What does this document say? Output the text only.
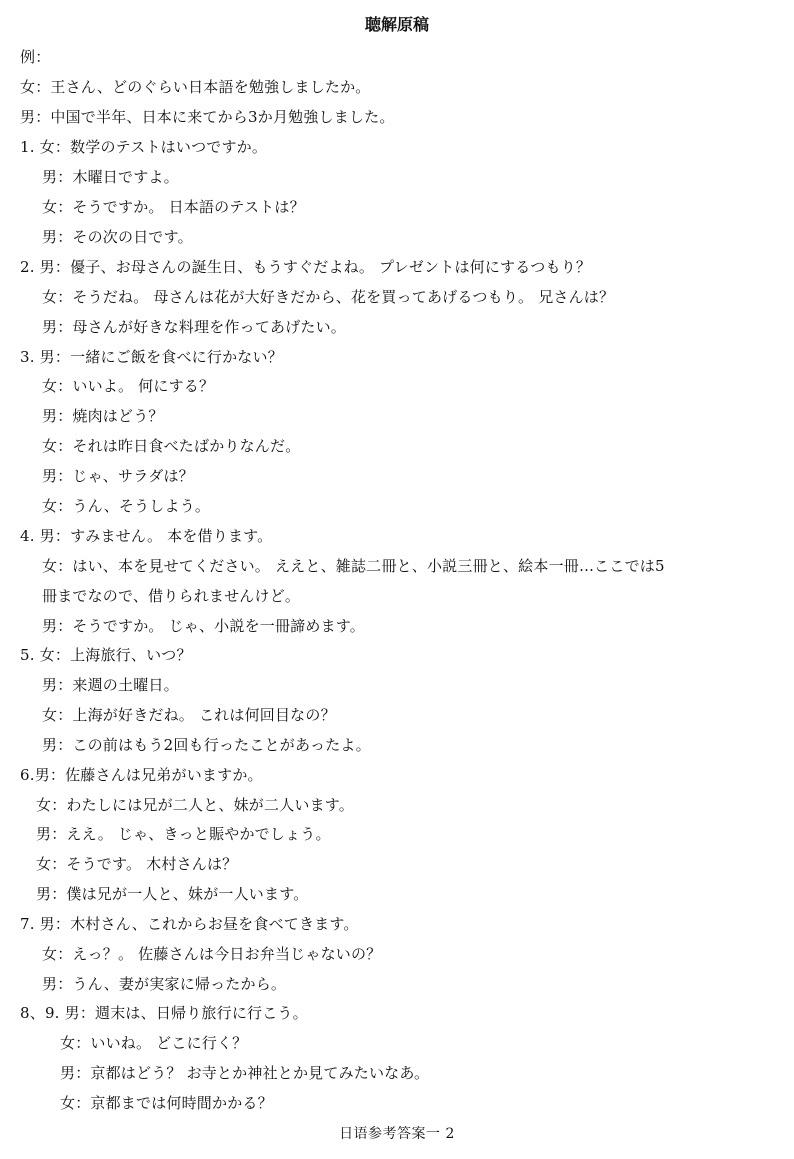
聴解原稿
例：
女：王さん、どのぐらい日本語を勉強しましたか。
男：中国で半年、日本に来てから3か月勉強しました。
1. 女：数学のテストはいつですか。
男：木曜日ですよ。
女：そうですか。 日本語のテストは？
男：その次の日です。
2. 男：優子、お母さんの誕生日、もうすぐだよね。 プレゼントは何にするつもり？
女：そうだね。 母さんは花が大好きだから、花を買ってあげるつもり。 兄さんは？
男：母さんが好きな料理を作ってあげたい。
3. 男：一緒にご飯を食べに行かない？
女：いいよ。 何にする？
男：焼肉はどう？
女：それは昨日食べたばかりなんだ。
男：じゃ、サラダは？
女：うん、そうしよう。
4. 男：すみません。 本を借ります。
女：はい、本を見せてください。 ええと、雑誌二冊と、小説三冊と、絵本一冊…ここでは5
冊までなので、借りられませんけど。
男：そうですか。 じゃ、小説を一冊諦めます。
5. 女：上海旅行、いつ？
男：来週の土曜日。
女：上海が好きだね。 これは何回目なの？
男：この前はもう2回も行ったことがあったよ。
6.男：佐藤さんは兄弟がいますか。
女：わたしには兄が二人と、妹が二人います。
男：ええ。 じゃ、きっと賑やかでしょう。
女：そうです。 木村さんは？
男：僕は兄が一人と、妹が一人います。
7. 男：木村さん、これからお昼を食べてきます。
女：えっ？。 佐藤さんは今日お弁当じゃないの？
男：うん、妻が実家に帰ったから。
8、9. 男：週末は、日帰り旅行に行こう。
女：いいね。 どこに行く？
男：京都はどう？ お寺とか神社とか見てみたいなあ。
女：京都までは何時間かかる？
日语参考答案一 2
